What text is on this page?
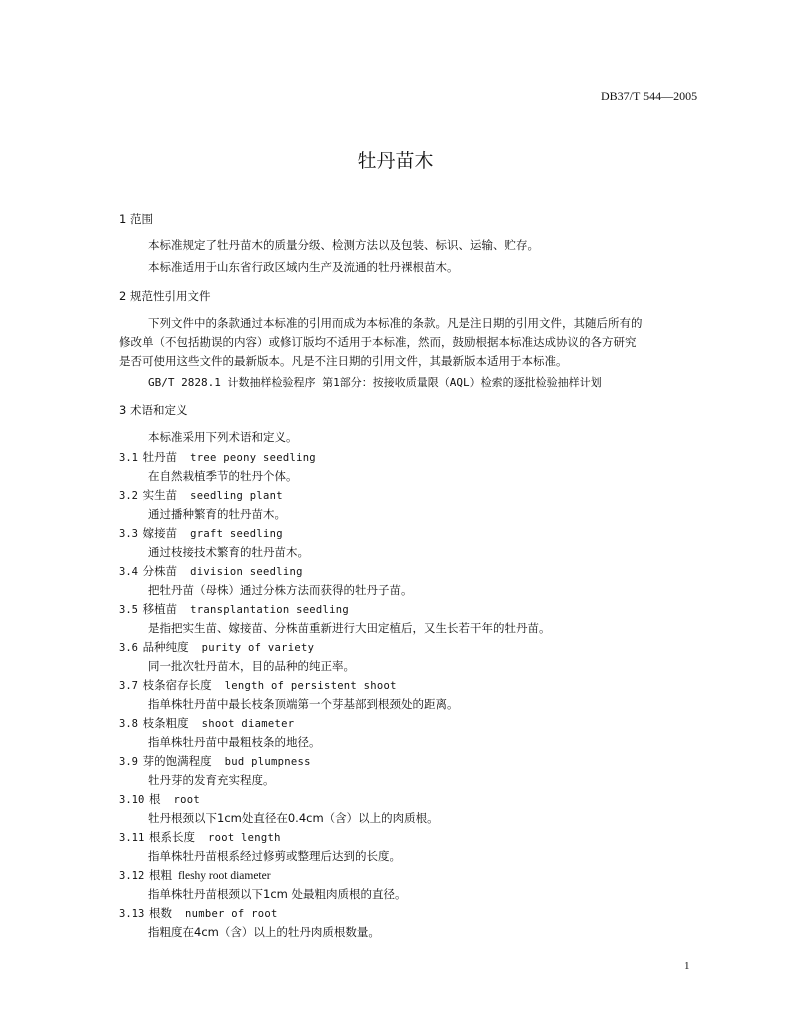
DB37/T 544—2005
牡丹苗木
1 范围
本标准规定了牡丹苗木的质量分级、检测方法以及包装、标识、运输、贮存。
本标准适用于山东省行政区域内生产及流通的牡丹裸根苗木。
2 规范性引用文件
下列文件中的条款通过本标准的引用而成为本标准的条款。凡是注日期的引用文件，其随后所有的
修改单（不包括勘误的内容）或修订版均不适用于本标准，然而，鼓励根据本标准达成协议的各方研究
是否可使用这些文件的最新版本。凡是不注日期的引用文件，其最新版本适用于本标准。
GB/T 2828.1 计数抽样检验程序 第1部分：按接收质量限（AQL）检索的逐批检验抽样计划
3 术语和定义
本标准采用下列术语和定义。
3.1 牡丹苗 tree peony seedling
在自然栽植季节的牡丹个体。
3.2 实生苗 seedling plant
通过播种繁育的牡丹苗木。
3.3 嫁接苗 graft seedling
通过枝接技术繁育的牡丹苗木。
3.4 分株苗 division seedling
把牡丹苗（母株）通过分株方法而获得的牡丹子苗。
3.5 移植苗 transplantation seedling
是指把实生苗、嫁接苗、分株苗重新进行大田定植后，又生长若干年的牡丹苗。
3.6 品种纯度 purity of variety
同一批次牡丹苗木，目的品种的纯正率。
3.7 枝条宿存长度 length of persistent shoot
指单株牡丹苗中最长枝条顶端第一个芽基部到根颈处的距离。
3.8 枝条粗度 shoot diameter
指单株牡丹苗中最粗枝条的地径。
3.9 芽的饱满程度 bud plumpness
牡丹芽的发育充实程度。
3.10 根 root
牡丹根颈以下1cm处直径在0.4cm（含）以上的肉质根。
3.11 根系长度 root length
指单株牡丹苗根系经过修剪或整理后达到的长度。
3.12 根粗 fleshy root diameter
指单株牡丹苗根颈以下1cm 处最粗肉质根的直径。
3.13 根数 number of root
指粗度在4cm（含）以上的牡丹肉质根数量。
1
